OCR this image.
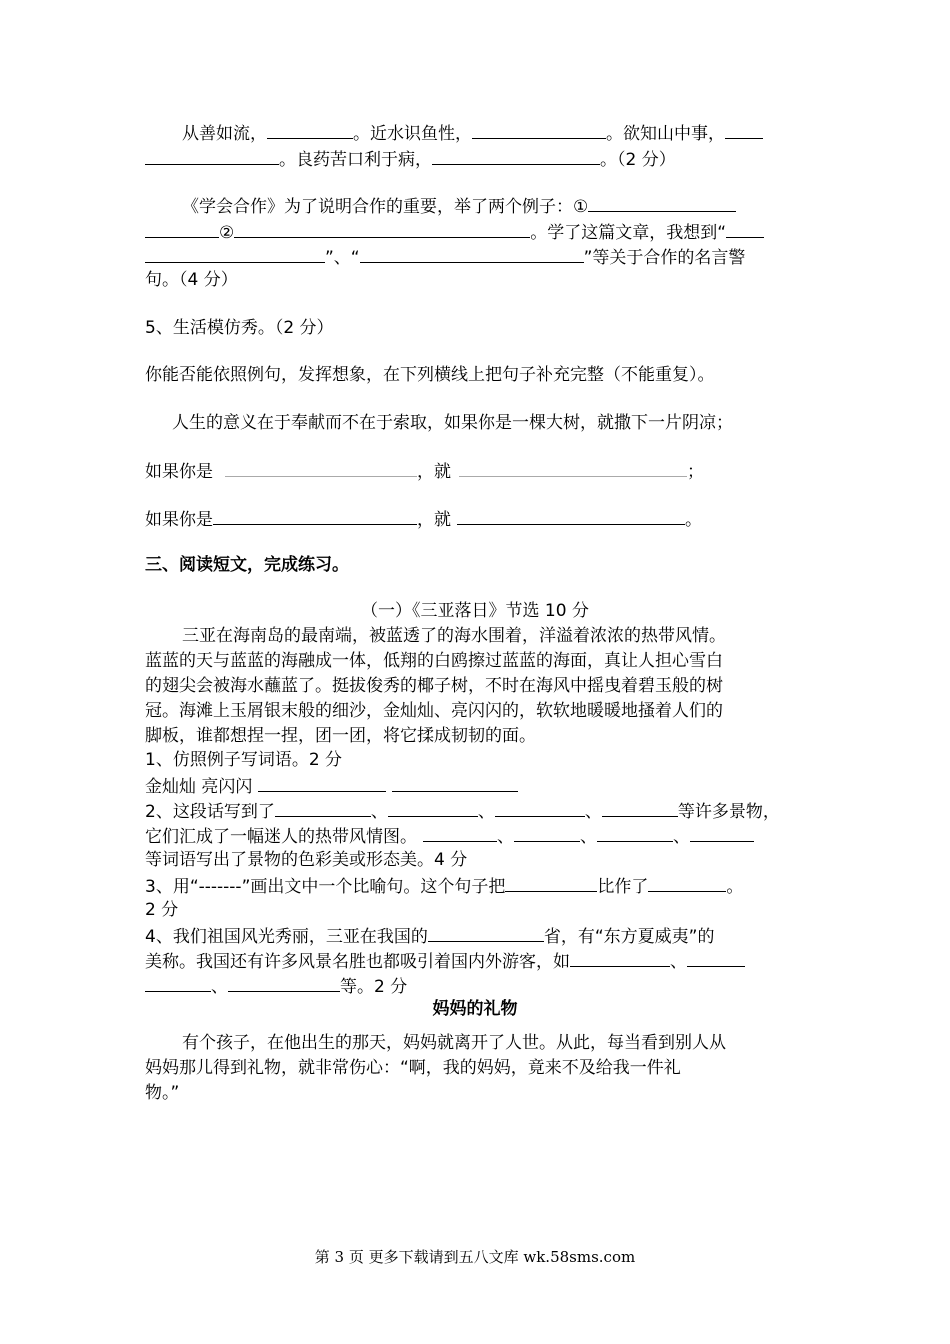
从善如流，	。近水识鱼性，	。欲知山中事，
。良药苦口利于病，	。（2 分）
《学会合作》为了说明合作的重要，举了两个例子：①
②	。学了这篇文章，我想到“
”、“	”等关于合作的名言警
句。（4 分）
5、生活模仿秀。（2 分）
你能否能依照例句，发挥想象，在下列横线上把句子补充完整（不能重复）。
人生的意义在于奉献而不在于索取，如果你是一棵大树，就撒下一片阴凉；
如果你是	，就	；
如果你是	，就	。
三、阅读短文，完成练习。
（一）《三亚落日》节选 10 分
三亚在海南岛的最南端，被蓝透了的海水围着，洋溢着浓浓的热带风情。
蓝蓝的天与蓝蓝的海融成一体，低翔的白鸥擦过蓝蓝的海面，真让人担心雪白
的翅尖会被海水蘸蓝了。挺拔俊秀的椰子树，不时在海风中摇曳着碧玉般的树
冠。海滩上玉屑银末般的细沙，金灿灿、亮闪闪的，软软地暖暖地搔着人们的
脚板，谁都想捏一捏，团一团，将它揉成韧韧的面。
1、仿照例子写词语。2 分
金灿灿 亮闪闪
2、这段话写到了	、	、	、	等许多景物，
它们汇成了一幅迷人的热带风情图。	、	、	、
等词语写出了景物的色彩美或形态美。4 分
3、用“-------”画出文中一个比喻句。这个句子把	比作了	。
2 分
4、我们祖国风光秀丽，三亚在我国的	省，有“东方夏威夷”的
美称。我国还有许多风景名胜也都吸引着国内外游客，如	、
、	等。2 分
妈妈的礼物
有个孩子，在他出生的那天，妈妈就离开了人世。从此，每当看到别人从
妈妈那儿得到礼物，就非常伤心：“啊，我的妈妈，竟来不及给我一件礼
物。”
第 3 页 更多下载请到五八文库 wk.58sms.com
